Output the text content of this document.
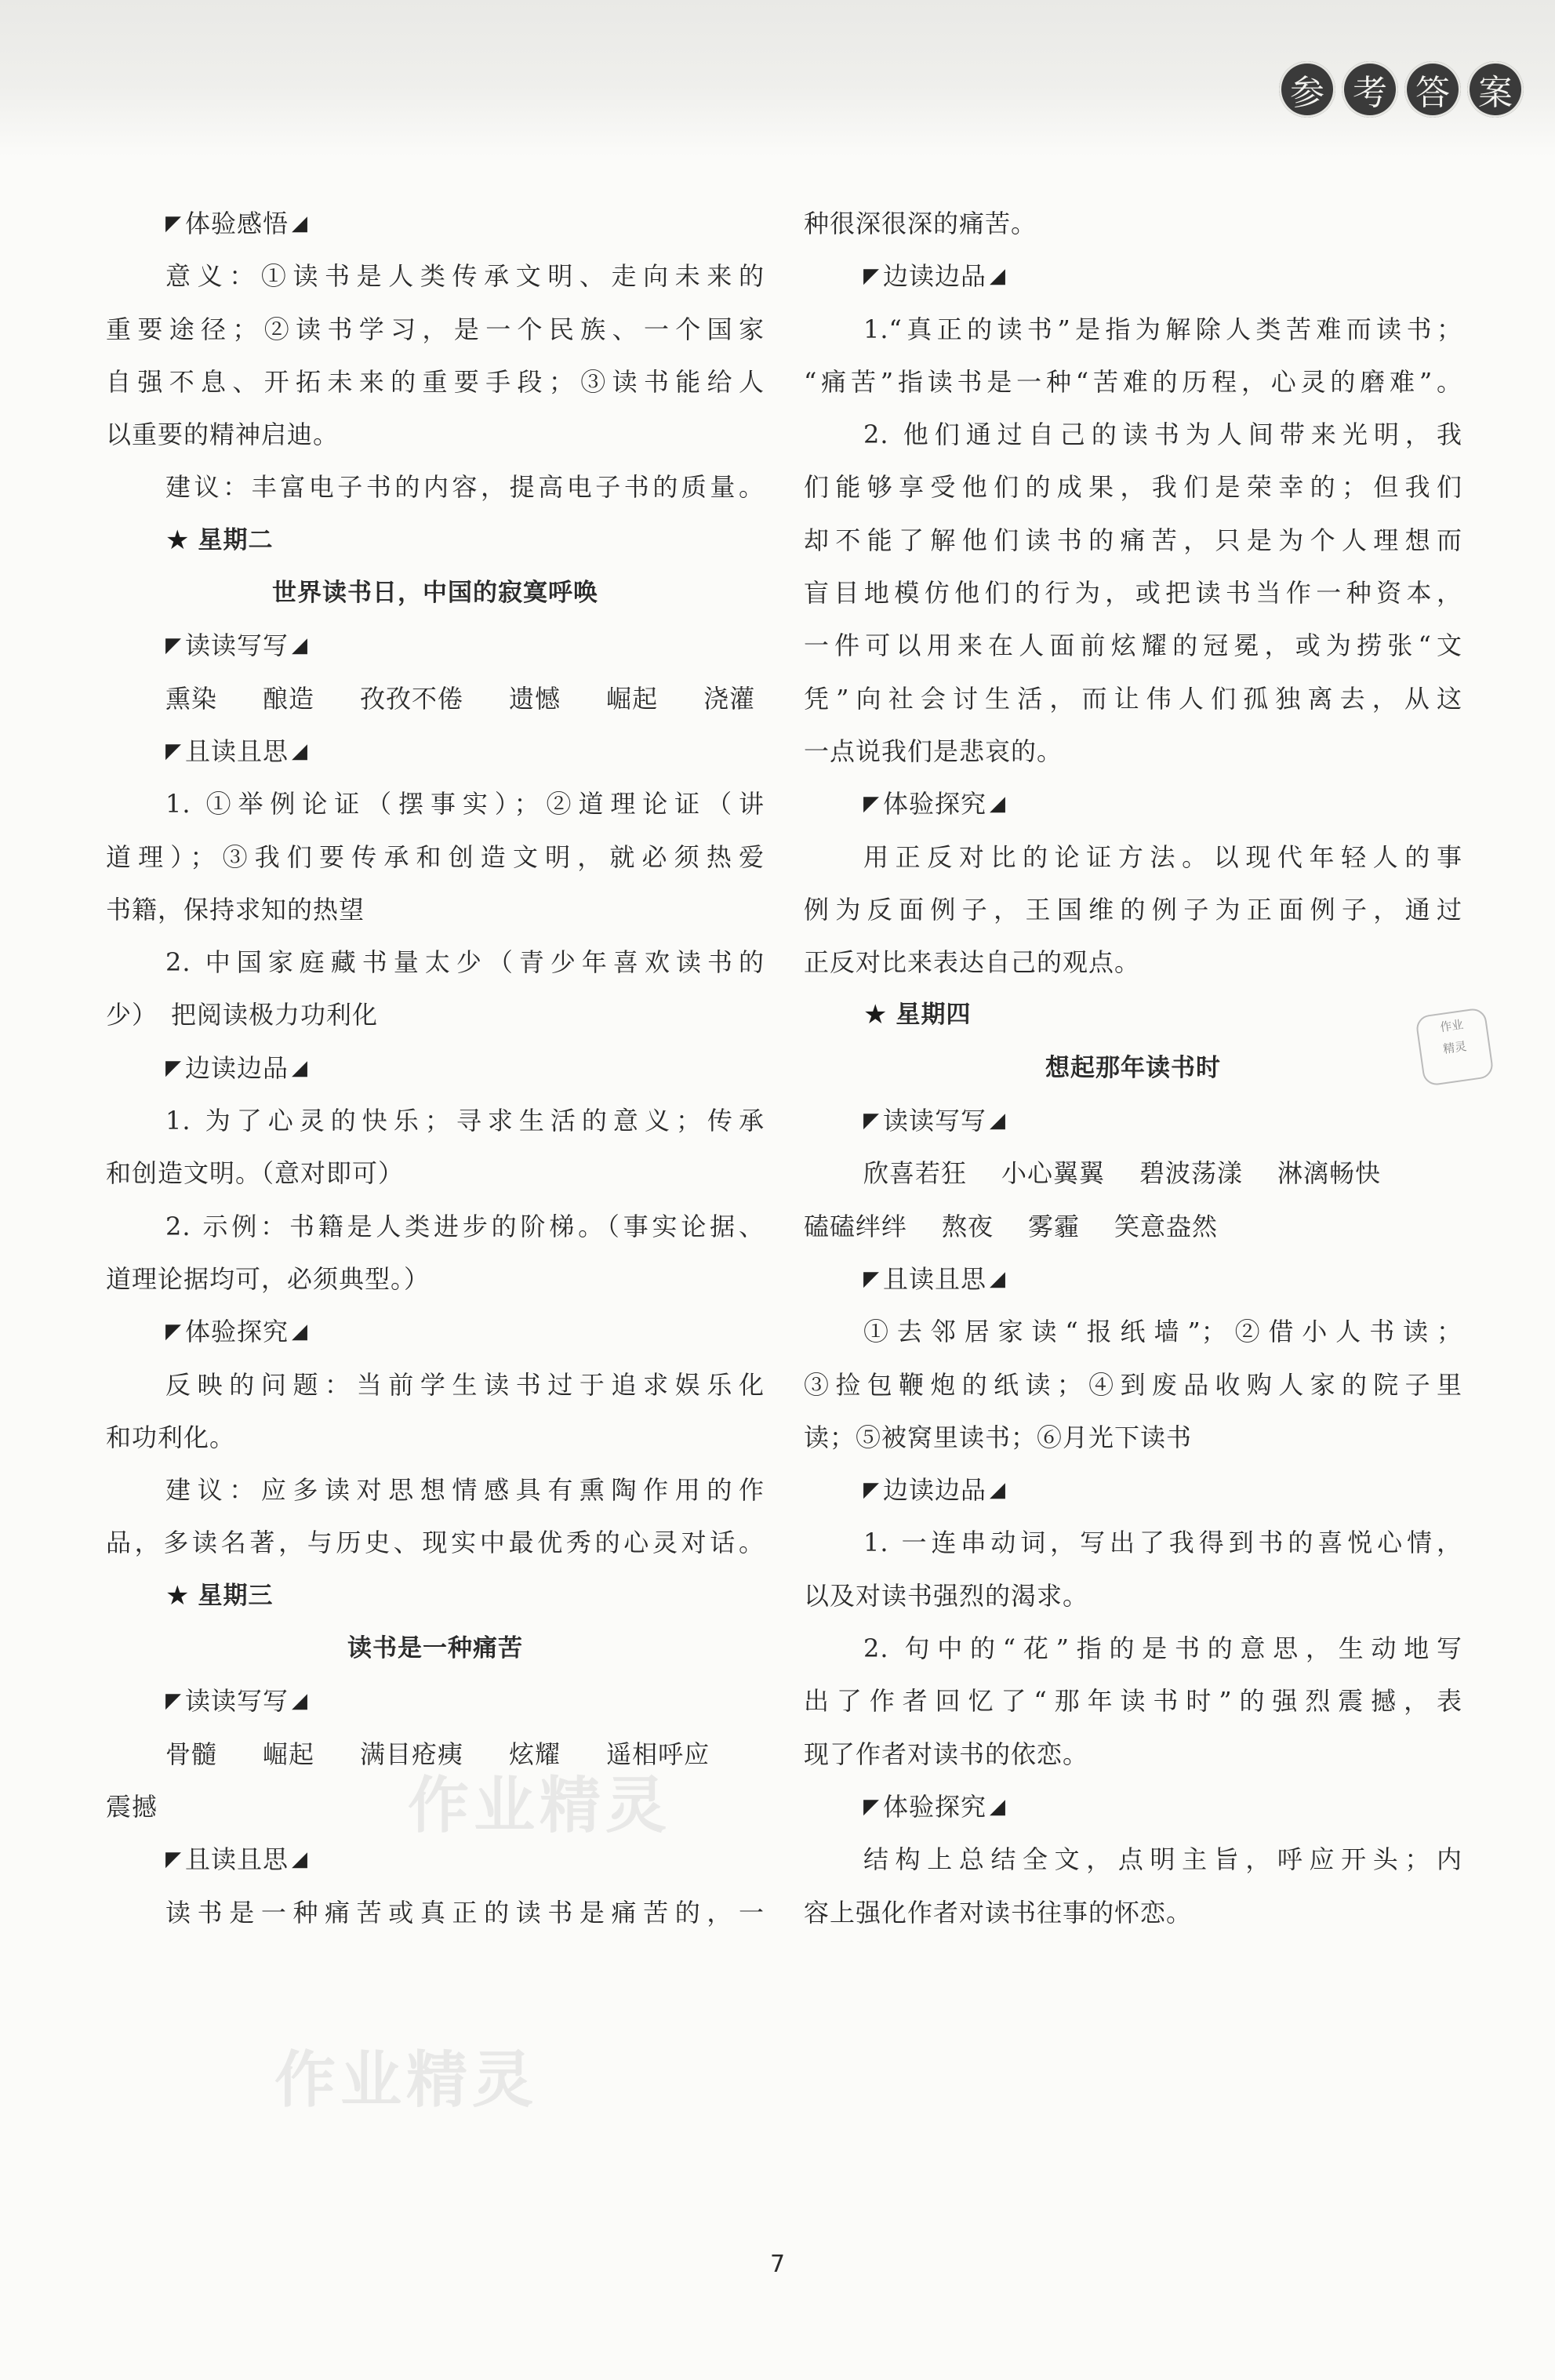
参 考 答 案
作业精灵
作业精灵
作业
精灵
◤ 体验感悟 ◢
意义：①读书是人类传承文明、走向未来的
重要途径；②读书学习，是一个民族、一个国家
自强不息、开拓未来的重要手段；③读书能给人
以重要的精神启迪。
建议：丰富电子书的内容，提高电子书的质量。
★ 星期二
世界读书日，中国的寂寞呼唤
◤ 读读写写 ◢
熏染 酿造 孜孜不倦 遗憾 崛起 浇灌
◤ 且读且思 ◢
1. ①举例论证（摆事实）；②道理论证（讲
道理）；③我们要传承和创造文明，就必须热爱
书籍，保持求知的热望
2. 中国家庭藏书量太少（青少年喜欢读书的
少）　把阅读极力功利化
◤ 边读边品 ◢
1. 为了心灵的快乐；寻求生活的意义；传承
和创造文明。（意对即可）
2. 示例：书籍是人类进步的阶梯。（事实论据、
道理论据均可，必须典型。）
◤ 体验探究 ◢
反映的问题：当前学生读书过于追求娱乐化
和功利化。
建议：应多读对思想情感具有熏陶作用的作
品，多读名著，与历史、现实中最优秀的心灵对话。
★ 星期三
读书是一种痛苦
◤ 读读写写 ◢
骨髓 崛起 满目疮痍 炫耀 遥相呼应
震撼
◤ 且读且思 ◢
读书是一种痛苦或真正的读书是痛苦的，一
种很深很深的痛苦。
◤ 边读边品 ◢
1.“真正的读书”是指为解除人类苦难而读书；
“痛苦”指读书是一种“苦难的历程，心灵的磨难”。
2. 他们通过自己的读书为人间带来光明，我
们能够享受他们的成果，我们是荣幸的；但我们
却不能了解他们读书的痛苦，只是为个人理想而
盲目地模仿他们的行为，或把读书当作一种资本，
一件可以用来在人面前炫耀的冠冕，或为捞张“文
凭”向社会讨生活，而让伟人们孤独离去，从这
一点说我们是悲哀的。
◤ 体验探究 ◢
用正反对比的论证方法。以现代年轻人的事
例为反面例子，王国维的例子为正面例子，通过
正反对比来表达自己的观点。
★ 星期四
想起那年读书时
◤ 读读写写 ◢
欣喜若狂 小心翼翼 碧波荡漾 淋漓畅快
磕磕绊绊 熬夜 雾霾 笑意盎然
◤ 且读且思 ◢
①去邻居家读“报纸墙”；②借小人书读；
③捡包鞭炮的纸读；④到废品收购人家的院子里
读；⑤被窝里读书；⑥月光下读书
◤ 边读边品 ◢
1. 一连串动词，写出了我得到书的喜悦心情，
以及对读书强烈的渴求。
2. 句中的“花”指的是书的意思，生动地写
出了作者回忆了“那年读书时”的强烈震撼，表
现了作者对读书的依恋。
◤ 体验探究 ◢
结构上总结全文，点明主旨，呼应开头；内
容上强化作者对读书往事的怀恋。
7
